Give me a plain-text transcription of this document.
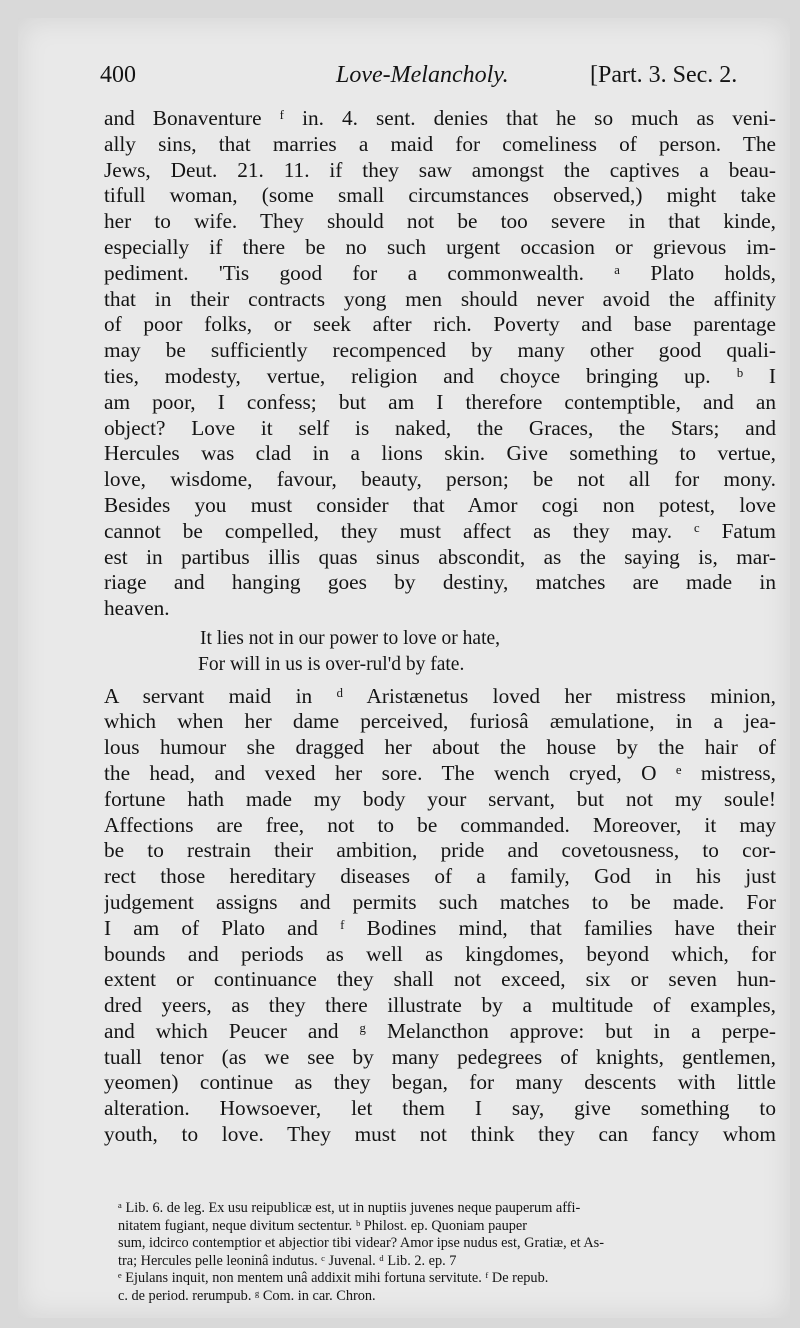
400	Love-Melancholy.	[Part. 3. Sec. 2.
and Bonaventure ᶠ in. 4. sent. denies that he so much as veni-
ally sins, that marries a maid for comeliness of person. The
Jews, Deut. 21. 11. if they saw amongst the captives a beau-
tifull woman, (some small circumstances observed,) might take
her to wife. They should not be too severe in that kinde,
especially if there be no such urgent occasion or grievous im-
pediment. 'Tis good for a commonwealth. ᵃ Plato holds,
that in their contracts yong men should never avoid the affinity
of poor folks, or seek after rich. Poverty and base parentage
may be sufficiently recompenced by many other good quali-
ties, modesty, vertue, religion and choyce bringing up. ᵇ I
am poor, I confess; but am I therefore contemptible, and an
object? Love it self is naked, the Graces, the Stars; and
Hercules was clad in a lions skin. Give something to vertue,
love, wisdome, favour, beauty, person; be not all for mony.
Besides you must consider that Amor cogi non potest, love
cannot be compelled, they must affect as they may. ᶜ Fatum
est in partibus illis quas sinus abscondit, as the saying is, mar-
riage and hanging goes by destiny, matches are made in
heaven.
It lies not in our power to love or hate,
For will in us is over-rul'd by fate.
A servant maid in ᵈ Aristænetus loved her mistress minion,
which when her dame perceived, furiosâ æmulatione, in a jea-
lous humour she dragged her about the house by the hair of
the head, and vexed her sore. The wench cryed, O ᵉ mistress,
fortune hath made my body your servant, but not my soule!
Affections are free, not to be commanded. Moreover, it may
be to restrain their ambition, pride and covetousness, to cor-
rect those hereditary diseases of a family, God in his just
judgement assigns and permits such matches to be made. For
I am of Plato and ᶠ Bodines mind, that families have their
bounds and periods as well as kingdomes, beyond which, for
extent or continuance they shall not exceed, six or seven hun-
dred yeers, as they there illustrate by a multitude of examples,
and which Peucer and ᵍ Melancthon approve: but in a perpe-
tuall tenor (as we see by many pedegrees of knights, gentlemen,
yeomen) continue as they began, for many descents with little
alteration. Howsoever, let them I say, give something to
youth, to love. They must not think they can fancy whom
ᵃ Lib. 6. de leg. Ex usu reipublicæ est, ut in nuptiis juvenes neque pauperum affi-
nitatem fugiant, neque divitum sectentur. ᵇ Philost. ep. Quoniam pauper
sum, idcirco contemptior et abjectior tibi videar? Amor ipse nudus est, Gratiæ, et As-
tra; Hercules pelle leoninâ indutus. ᶜ Juvenal. ᵈ Lib. 2. ep. 7
ᵉ Ejulans inquit, non mentem unâ addixit mihi fortuna servitute. ᶠ De repub.
c. de period. rerumpub. ᵍ Com. in car. Chron.
